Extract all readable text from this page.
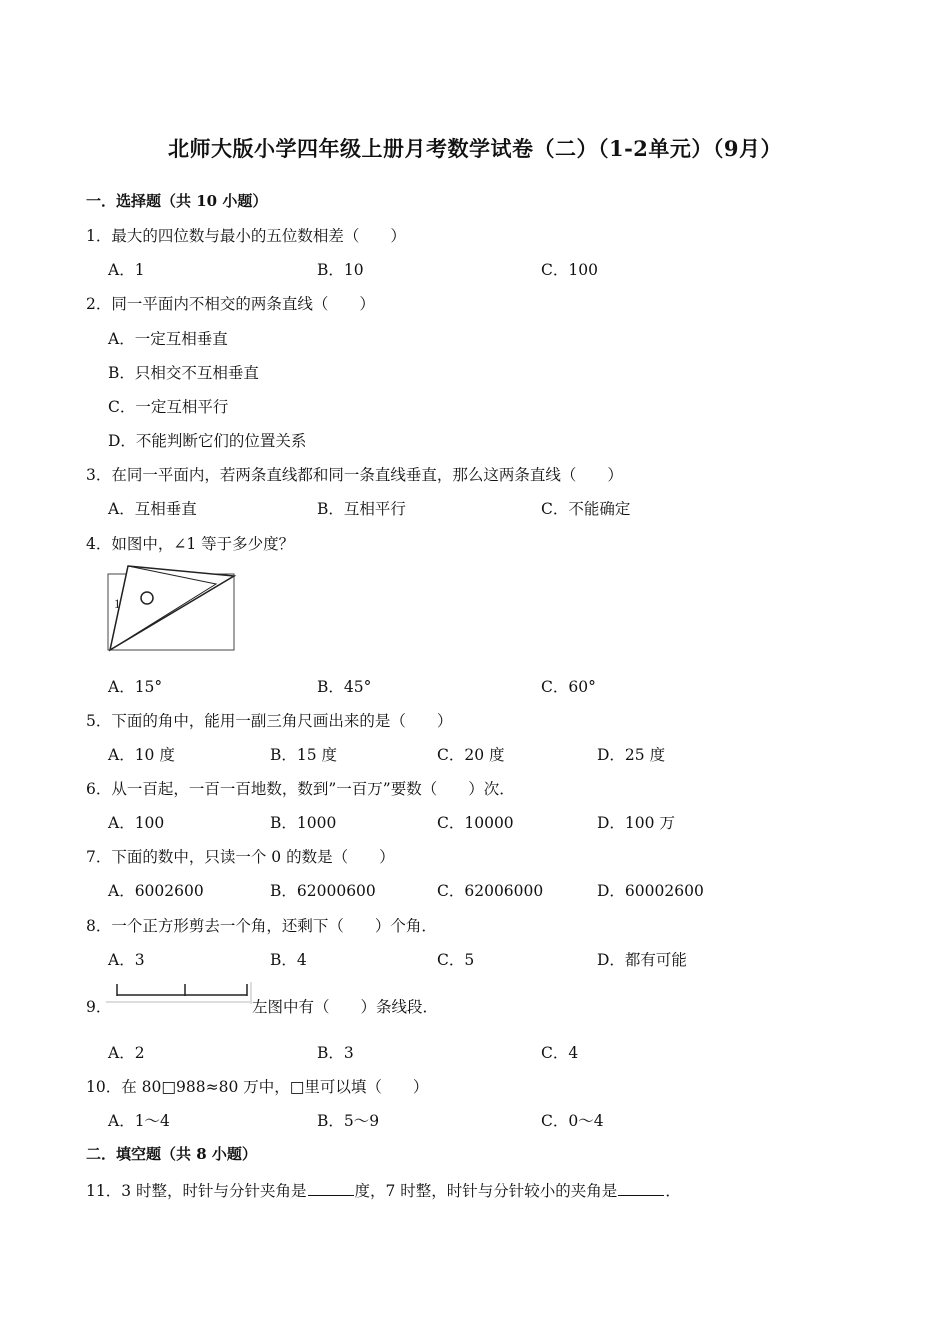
北师大版小学四年级上册月考数学试卷（二）（1-2单元）（9月）
一．选择题（共 10 小题）
1．最大的四位数与最小的五位数相差（　　）
A．1	B．10	C．100
2．同一平面内不相交的两条直线（　　）
A．一定互相垂直
B．只相交不互相垂直
C．一定互相平行
D．不能判断它们的位置关系
3．在同一平面内，若两条直线都和同一条直线垂直，那么这两条直线（　　）
A．互相垂直	B．互相平行	C．不能确定
4．如图中，∠1 等于多少度？
1
A．15°	B．45°	C．60°
5．下面的角中，能用一副三角尺画出来的是（　　）
A．10 度	B．15 度	C．20 度	D．25 度
6．从一百起，一百一百地数，数到”一百万”要数（　　）次．
A．100	B．1000	C．10000	D．100 万
7．下面的数中，只读一个 0 的数是（　　）
A．6002600	B．62000600	C．62006000	D．60002600
8．一个正方形剪去一个角，还剩下（　　）个角．
A．3	B．4	C．5	D．都有可能
9．	左图中有（　　）条线段．
A．2	B．3	C．4
10．在 80□988≈80 万中，□里可以填（　　）
A．1～4	B．5～9	C．0～4
二．填空题（共 8 小题）
11．3 时整，时针与分针夹角是	度，7 时整，时针与分针较小的夹角是	．
